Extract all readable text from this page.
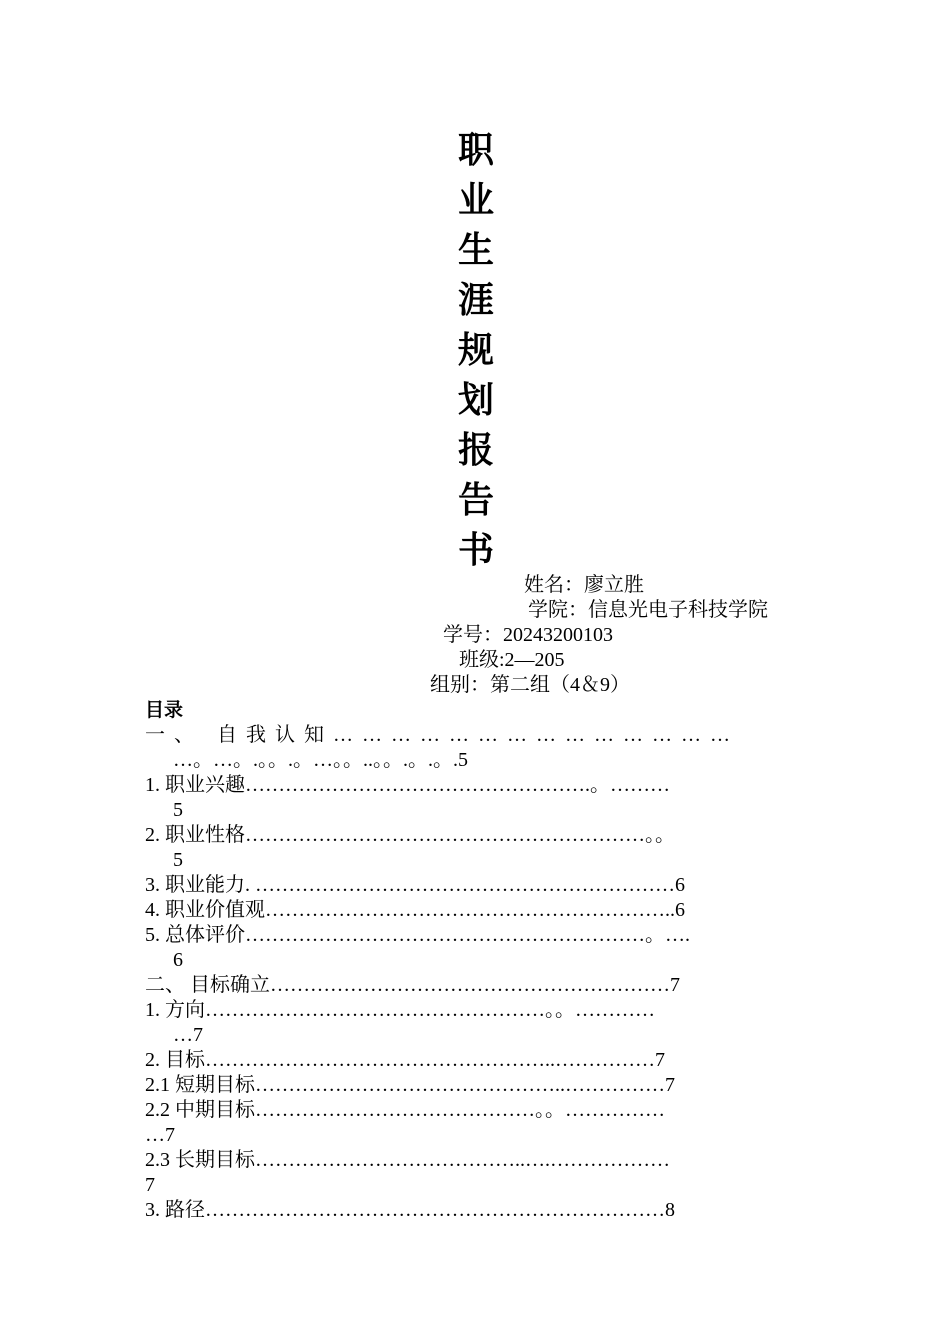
职
业
生
涯
规
划
报
告
书
姓名：廖立胜
学院：信息光电子科技学院
学号：20243200103
班级:2—205
组别：第二组（4＆9）
目录
一、 自我认知……………………………………
…。…。.。。.。…。。..。。.。.。.5
1. 职业兴趣…………………………………………….。………
5
2. 职业性格……………………………………………………。。
5
3. 职业能力. ………………………………………………………6
4. 职业价值观……………………………………………………..6
5. 总体评价……………………………………………………。….
6
二、 目标确立……………………………………………………7
1. 方向……………………………………………。。…………
…7
2. 目标……………………………………………..……………7
2.1 短期目标………………………………………..……………7
2.2 中期目标……………………………………。。……………
…7
2.3 长期目标…………………………………..….………………
7
3. 路径……………………………………………………………8
